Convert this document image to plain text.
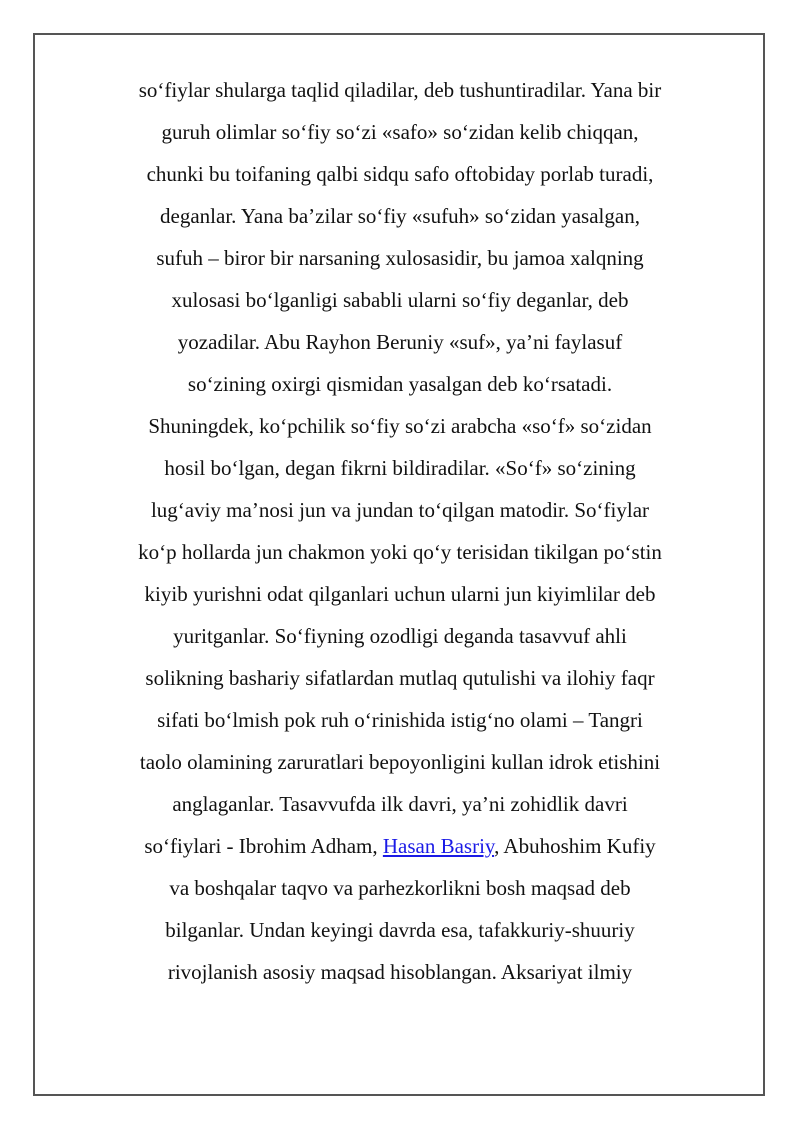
so‘fiylar shularga taqlid qiladilar, deb tushuntiradilar. Yana bir
guruh olimlar so‘fiy so‘zi «safo» so‘zidan kelib chiqqan,
chunki bu toifaning qalbi sidqu safo oftobiday porlab turadi,
deganlar. Yana ba’zilar so‘fiy «sufuh» so‘zidan yasalgan,
sufuh – biror bir narsaning xulosasidir, bu jamoa xalqning
xulosasi bo‘lganligi sababli ularni so‘fiy deganlar, deb
yozadilar. Abu Rayhon Beruniy «suf», ya’ni faylasuf
so‘zining oxirgi qismidan yasalgan deb ko‘rsatadi.
Shuningdek, ko‘pchilik so‘fiy so‘zi arabcha «so‘f» so‘zidan
hosil bo‘lgan, degan fikrni bildiradilar. «So‘f» so‘zining
lug‘aviy ma’nosi jun va jundan to‘qilgan matodir. So‘fiylar
ko‘p hollarda jun chakmon yoki qo‘y terisidan tikilgan po‘stin
kiyib yurishni odat qilganlari uchun ularni jun kiyimlilar deb
yuritganlar. So‘fiyning ozodligi deganda tasavvuf ahli
solikning bashariy sifatlardan mutlaq qutulishi va ilohiy faqr
sifati bo‘lmish pok ruh o‘rinishida istig‘no olami – Tangri
taolo olamining zaruratlari bepoyonligini kullan idrok etishini
anglaganlar. Tasavvufda ilk davri, ya’ni zohidlik davri
so‘fiylari - Ibrohim Adham, Hasan Basriy, Abuhoshim Kufiy
va boshqalar taqvo va parhezkorlikni bosh maqsad deb
bilganlar. Undan keyingi davrda esa, tafakkuriy-shuuriy
rivojlanish asosiy maqsad hisoblangan. Aksariyat ilmiy
